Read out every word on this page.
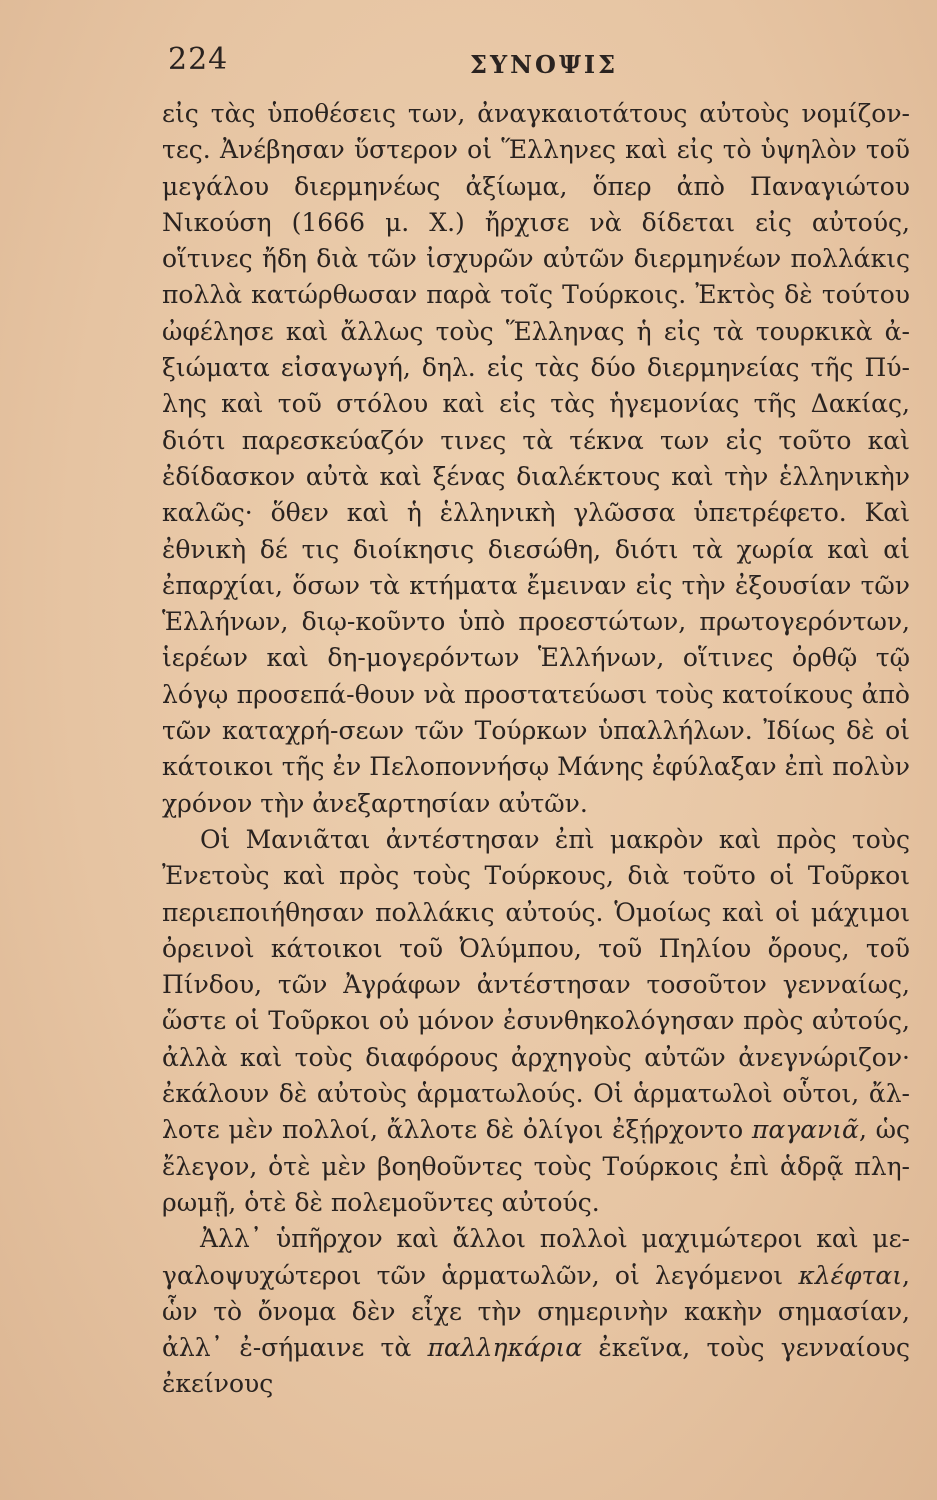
224	ΣΥΝΟΨΙΣ

εἰς τὰς ὑποθέσεις των, ἀναγκαιοτάτους αὐτοὺς νομίζον-τες. Ἀνέβησαν ὕστερον οἱ Ἕλληνες καὶ εἰς τὸ ὑψηλὸν τοῦ μεγάλου διερμηνέως ἀξίωμα, ὅπερ ἀπὸ Παναγιώτου Νικούση (1666 μ. Χ.) ἤρχισε νὰ δίδεται εἰς αὐτούς, οἵτινες ἤδη διὰ τῶν ἰσχυρῶν αὐτῶν διερμηνέων πολλάκις πολλὰ κατώρθωσαν παρὰ τοῖς Τούρκοις. Ἐκτὸς δὲ τούτου ὠφέλησε καὶ ἄλλως τοὺς Ἕλληνας ἡ εἰς τὰ τουρκικὰ ἀ-ξιώματα εἰσαγωγή, δηλ. εἰς τὰς δύο διερμηνείας τῆς Πύ-λης καὶ τοῦ στόλου καὶ εἰς τὰς ἡγεμονίας τῆς Δακίας, διότι παρεσκεύαζόν τινες τὰ τέκνα των εἰς τοῦτο καὶ ἐδίδασκον αὐτὰ καὶ ξένας διαλέκτους καὶ τὴν ἑλληνικὴν καλῶς· ὅθεν καὶ ἡ ἑλληνικὴ γλῶσσα ὑπετρέφετο. Καὶ ἐθνικὴ δέ τις διοίκησις διεσώθη, διότι τὰ χωρία καὶ αἱ ἐπαρχίαι, ὅσων τὰ κτήματα ἔμειναν εἰς τὴν ἐξουσίαν τῶν Ἑλλήνων, διῳ-κοῦντο ὑπὸ προεστώτων, πρωτογερόντων, ἱερέων καὶ δη-μογερόντων Ἑλλήνων, οἵτινες ὀρθῷ τῷ λόγῳ προσεπά-θουν νὰ προστατεύωσι τοὺς κατοίκους ἀπὸ τῶν καταχρή-σεων τῶν Τούρκων ὑπαλλήλων. Ἰδίως δὲ οἱ κάτοικοι τῆς ἐν Πελοποννήσῳ Μάνης ἐφύλαξαν ἐπὶ πολὺν χρόνον τὴν ἀνεξαρτησίαν αὐτῶν.

Οἱ Μανιᾶται ἀντέστησαν ἐπὶ μακρὸν καὶ πρὸς τοὺς Ἐνετοὺς καὶ πρὸς τοὺς Τούρκους, διὰ τοῦτο οἱ Τοῦρκοι περιεποιήθησαν πολλάκις αὐτούς. Ὁμοίως καὶ οἱ μάχιμοι ὀρεινοὶ κάτοικοι τοῦ Ὀλύμπου, τοῦ Πηλίου ὄρους, τοῦ Πίνδου, τῶν Ἀγράφων ἀντέστησαν τοσοῦτον γενναίως, ὥστε οἱ Τοῦρκοι οὐ μόνον ἐσυνθηκολόγησαν πρὸς αὐτούς, ἀλλὰ καὶ τοὺς διαφόρους ἀρχηγοὺς αὐτῶν ἀνεγνώριζον· ἐκάλουν δὲ αὐτοὺς ἁρματωλούς. Οἱ ἁρματωλοὶ οὗτοι, ἄλ-λοτε μὲν πολλοί, ἄλλοτε δὲ ὀλίγοι ἐξῄρχοντο παγανιᾶ, ὡς ἔλεγον, ὁτὲ μὲν βοηθοῦντες τοὺς Τούρκοις ἐπὶ ἁδρᾷ πλη-ρωμῇ, ὁτὲ δὲ πολεμοῦντες αὐτούς.

Ἀλλ᾽ ὑπῆρχον καὶ ἄλλοι πολλοὶ μαχιμώτεροι καὶ με-γαλοψυχώτεροι τῶν ἁρματωλῶν, οἱ λεγόμενοι κλέφται, ὧν τὸ ὄνομα δὲν εἶχε τὴν σημερινὴν κακὴν σημασίαν, ἀλλ᾽ ἐ-σήμαινε τὰ παλληκάρια ἐκεῖνα, τοὺς γενναίους ἐκείνους
